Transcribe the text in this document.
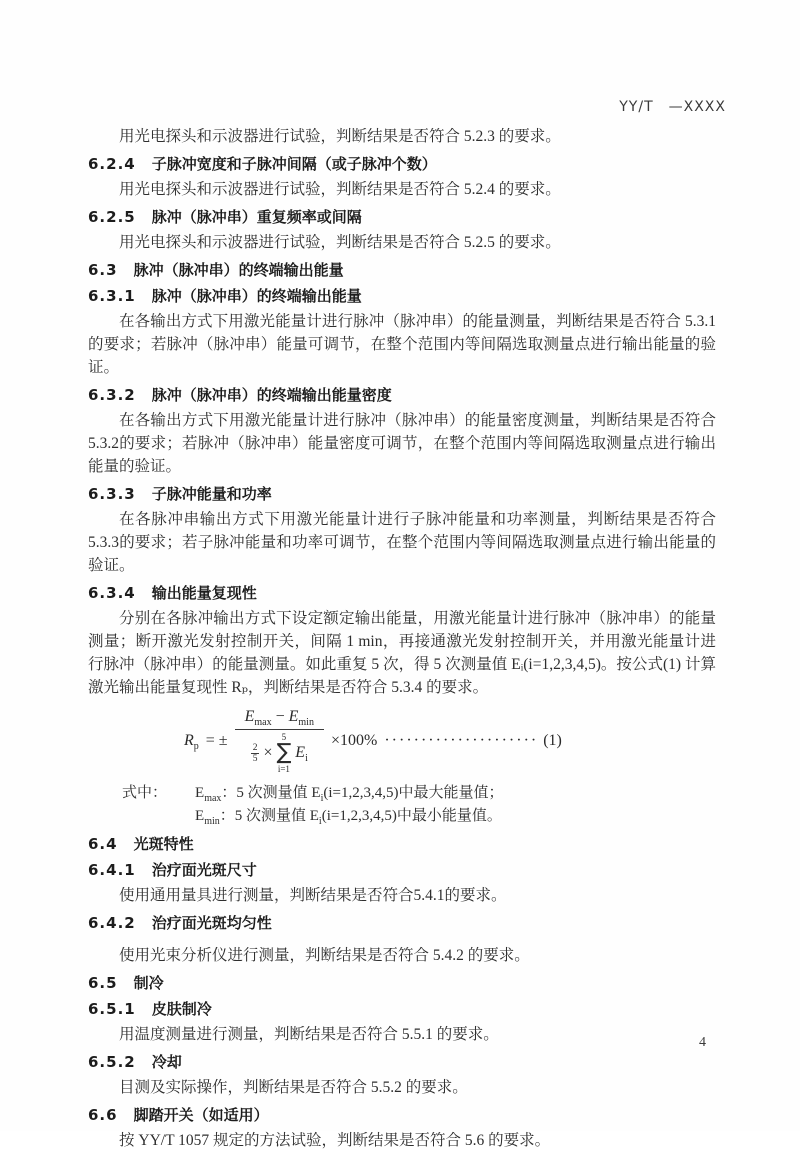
YY/T　—XXXX

用光电探头和示波器进行试验，判断结果是否符合 5.2.3 的要求。

6.2.4 子脉冲宽度和子脉冲间隔（或子脉冲个数）

用光电探头和示波器进行试验，判断结果是否符合 5.2.4 的要求。

6.2.5 脉冲（脉冲串）重复频率或间隔

用光电探头和示波器进行试验，判断结果是否符合 5.2.5 的要求。

6.3 脉冲（脉冲串）的终端输出能量
6.3.1 脉冲（脉冲串）的终端输出能量

在各输出方式下用激光能量计进行脉冲（脉冲串）的能量测量，判断结果是否符合 5.3.1 的要求；若脉冲（脉冲串）能量可调节，在整个范围内等间隔选取测量点进行输出能量的验证。

6.3.2 脉冲（脉冲串）的终端输出能量密度

在各输出方式下用激光能量计进行脉冲（脉冲串）的能量密度测量，判断结果是否符合5.3.2的要求；若脉冲（脉冲串）能量密度可调节，在整个范围内等间隔选取测量点进行输出能量的验证。

6.3.3 子脉冲能量和功率

在各脉冲串输出方式下用激光能量计进行子脉冲能量和功率测量，判断结果是否符合5.3.3的要求；若子脉冲能量和功率可调节，在整个范围内等间隔选取测量点进行输出能量的验证。

6.3.4 输出能量复现性

分别在各脉冲输出方式下设定额定输出能量，用激光能量计进行脉冲（脉冲串）的能量测量；断开激光发射控制开关，间隔 1 min，再接通激光发射控制开关，并用激光能量计进行脉冲（脉冲串）的能量测量。如此重复 5 次，得 5 次测量值 Eᵢ(i=1,2,3,4,5)。按公式(1) 计算激光输出能量复现性 Rₚ，判断结果是否符合 5.3.4 的要求。

$R_p$ = ± $E_{max} - E_{min}$
$\frac{2}{5}$ ×
5
∑
i=1
$E_i \times 100\%$ ····················· (1)
式中： $E_{max}$：5 次测量值 $E_i(i=1,2,3,4,5)$中最大能量值；
$E_{min}$：5 次测量值 $E_i(i=1,2,3,4,5)$中最小能量值。
6.4 光斑特性
6.4.1 治疗面光斑尺寸

使用通用量具进行测量，判断结果是否符合5.4.1的要求。

6.4.2 治疗面光斑均匀性

使用光束分析仪进行测量，判断结果是否符合 5.4.2 的要求。

6.5 制冷
6.5.1 皮肤制冷

用温度测量进行测量，判断结果是否符合 5.5.1 的要求。

6.5.2 冷却

目测及实际操作，判断结果是否符合 5.5.2 的要求。

6.6 脚踏开关（如适用）

按 YY/T 1057 规定的方法试验，判断结果是否符合 5.6 的要求。

4
